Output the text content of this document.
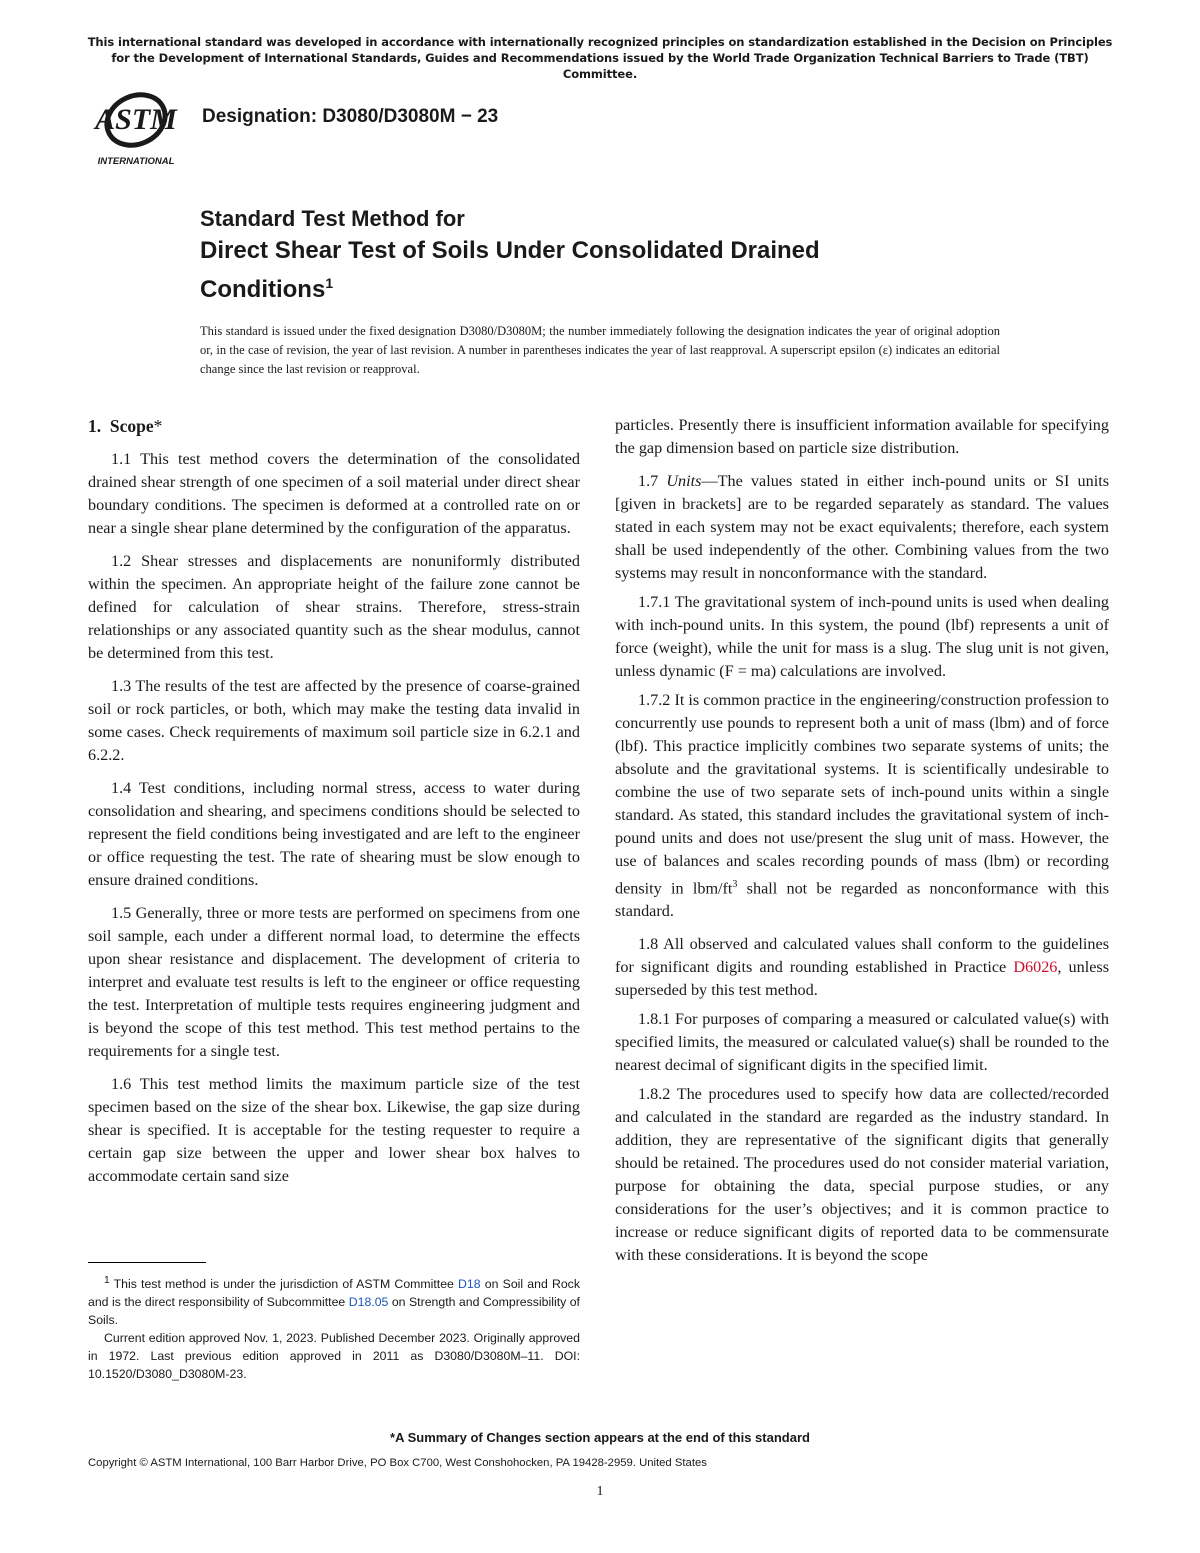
This international standard was developed in accordance with internationally recognized principles on standardization established in the Decision on Principles for the Development of International Standards, Guides and Recommendations issued by the World Trade Organization Technical Barriers to Trade (TBT) Committee.
ASTM
INTERNATIONAL
Designation: D3080/D3080M − 23
Standard Test Method for
Direct Shear Test of Soils Under Consolidated Drained
Conditions$^1$
This standard is issued under the fixed designation D3080/D3080M; the number immediately following the designation indicates the year of original adoption or, in the case of revision, the year of last revision. A number in parentheses indicates the year of last reapproval. A superscript epsilon (ε) indicates an editorial change since the last revision or reapproval.

1. Scope*

1.1 This test method covers the determination of the consolidated drained shear strength of one specimen of a soil material under direct shear boundary conditions. The specimen is deformed at a controlled rate on or near a single shear plane determined by the configuration of the apparatus.

1.2 Shear stresses and displacements are nonuniformly distributed within the specimen. An appropriate height of the failure zone cannot be defined for calculation of shear strains. Therefore, stress-strain relationships or any associated quantity such as the shear modulus, cannot be determined from this test.

1.3 The results of the test are affected by the presence of coarse-grained soil or rock particles, or both, which may make the testing data invalid in some cases. Check requirements of maximum soil particle size in 6.2.1 and 6.2.2.

1.4 Test conditions, including normal stress, access to water during consolidation and shearing, and specimens conditions should be selected to represent the field conditions being investigated and are left to the engineer or office requesting the test. The rate of shearing must be slow enough to ensure drained conditions.

1.5 Generally, three or more tests are performed on specimens from one soil sample, each under a different normal load, to determine the effects upon shear resistance and displacement. The development of criteria to interpret and evaluate test results is left to the engineer or office requesting the test. Interpretation of multiple tests requires engineering judgment and is beyond the scope of this test method. This test method pertains to the requirements for a single test.

1.6 This test method limits the maximum particle size of the test specimen based on the size of the shear box. Likewise, the gap size during shear is specified. It is acceptable for the testing requester to require a certain gap size between the upper and lower shear box halves to accommodate certain sand size

particles. Presently there is insufficient information available for specifying the gap dimension based on particle size distribution.

1.7 Units—The values stated in either inch-pound units or SI units [given in brackets] are to be regarded separately as standard. The values stated in each system may not be exact equivalents; therefore, each system shall be used independently of the other. Combining values from the two systems may result in nonconformance with the standard.

1.7.1 The gravitational system of inch-pound units is used when dealing with inch-pound units. In this system, the pound (lbf) represents a unit of force (weight), while the unit for mass is a slug. The slug unit is not given, unless dynamic (F = ma) calculations are involved.

1.7.2 It is common practice in the engineering/construction profession to concurrently use pounds to represent both a unit of mass (lbm) and of force (lbf). This practice implicitly combines two separate systems of units; the absolute and the gravitational systems. It is scientifically undesirable to combine the use of two separate sets of inch-pound units within a single standard. As stated, this standard includes the gravitational system of inch-pound units and does not use/present the slug unit of mass. However, the use of balances and scales recording pounds of mass (lbm) or recording density in lbm/$ft^3$ shall not be regarded as nonconformance with this standard.

1.8 All observed and calculated values shall conform to the guidelines for significant digits and rounding established in Practice D6026, unless superseded by this test method.

1.8.1 For purposes of comparing a measured or calculated value(s) with specified limits, the measured or calculated value(s) shall be rounded to the nearest decimal of significant digits in the specified limit.

1.8.2 The procedures used to specify how data are collected/recorded and calculated in the standard are regarded as the industry standard. In addition, they are representative of the significant digits that generally should be retained. The procedures used do not consider material variation, purpose for obtaining the data, special purpose studies, or any considerations for the user’s objectives; and it is common practice to increase or reduce significant digits of reported data to be commensurate with these considerations. It is beyond the scope

$^1$ This test method is under the jurisdiction of ASTM Committee D18 on Soil and Rock and is the direct responsibility of Subcommittee D18.05 on Strength and Compressibility of Soils.

Current edition approved Nov. 1, 2023. Published December 2023. Originally approved in 1972. Last previous edition approved in 2011 as D3080/D3080M–11. DOI: 10.1520/D3080_D3080M-23.

*A Summary of Changes section appears at the end of this standard
Copyright © ASTM International, 100 Barr Harbor Drive, PO Box C700, West Conshohocken, PA 19428-2959. United States
1
